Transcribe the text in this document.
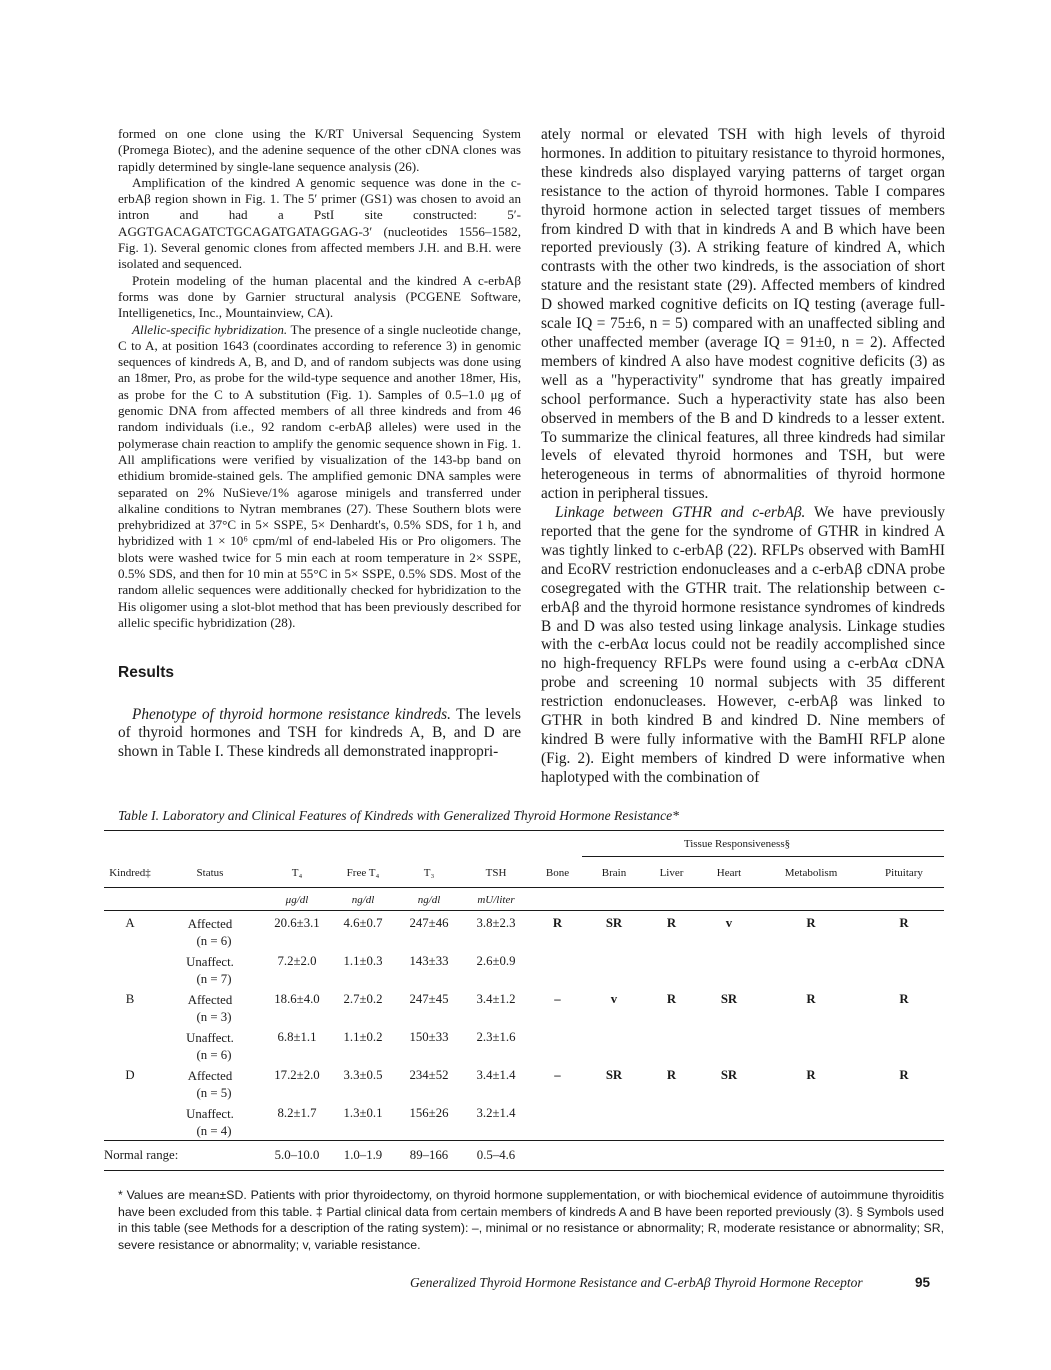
formed on one clone using the K/RT Universal Sequencing System (Promega Biotec), and the adenine sequence of the other cDNA clones was rapidly determined by single-lane sequence analysis (26).

Amplification of the kindred A genomic sequence was done in the c-erbAβ region shown in Fig. 1. The 5′ primer (GS1) was chosen to avoid an intron and had a PstI site constructed: 5′-AGGTGACAGATCTGCAGATGATAGGAG-3′ (nucleotides 1556–1582, Fig. 1). Several genomic clones from affected members J.H. and B.H. were isolated and sequenced.

Protein modeling of the human placental and the kindred A c-erbAβ forms was done by Garnier structural analysis (PCGENE Software, Intelligenetics, Inc., Mountainview, CA).

Allelic-specific hybridization. The presence of a single nucleotide change, C to A, at position 1643 (coordinates according to reference 3) in genomic sequences of kindreds A, B, and D, and of random subjects was done using an 18mer, Pro, as probe for the wild-type sequence and another 18mer, His, as probe for the C to A substitution (Fig. 1). Samples of 0.5–1.0 μg of genomic DNA from affected members of all three kindreds and from 46 random individuals (i.e., 92 random c-erbAβ alleles) were used in the polymerase chain reaction to amplify the genomic sequence shown in Fig. 1. All amplifications were verified by visualization of the 143-bp band on ethidium bromide-stained gels. The amplified gemonic DNA samples were separated on 2% NuSieve/1% agarose minigels and transferred under alkaline conditions to Nytran membranes (27). These Southern blots were prehybridized at 37°C in 5× SSPE, 5× Denhardt's, 0.5% SDS, for 1 h, and hybridized with 1 × 10⁶ cpm/ml of end-labeled His or Pro oligomers. The blots were washed twice for 5 min each at room temperature in 2× SSPE, 0.5% SDS, and then for 10 min at 55°C in 5× SSPE, 0.5% SDS. Most of the random allelic sequences were additionally checked for hybridization to the His oligomer using a slot-blot method that has been previously described for allelic specific hybridization (28).

Results

Phenotype of thyroid hormone resistance kindreds. The levels of thyroid hormones and TSH for kindreds A, B, and D are shown in Table I. These kindreds all demonstrated inappropri-

ately normal or elevated TSH with high levels of thyroid hormones. In addition to pituitary resistance to thyroid hormones, these kindreds also displayed varying patterns of target organ resistance to the action of thyroid hormones. Table I compares thyroid hormone action in selected target tissues of members from kindred D with that in kindreds A and B which have been reported previously (3). A striking feature of kindred A, which contrasts with the other two kindreds, is the association of short stature and the resistant state (29). Affected members of kindred D showed marked cognitive deficits on IQ testing (average full-scale IQ = 75±6, n = 5) compared with an unaffected sibling and other unaffected member (average IQ = 91±0, n = 2). Affected members of kindred A also have modest cognitive deficits (3) as well as a "hyperactivity" syndrome that has greatly impaired school performance. Such a hyperactivity state has also been observed in members of the B and D kindreds to a lesser extent. To summarize the clinical features, all three kindreds had similar levels of elevated thyroid hormones and TSH, but were heterogeneous in terms of abnormalities of thyroid hormone action in peripheral tissues.

Linkage between GTHR and c-erbAβ. We have previously reported that the gene for the syndrome of GTHR in kindred A was tightly linked to c-erbAβ (22). RFLPs observed with BamHI and EcoRV restriction endonucleases and a c-erbAβ cDNA probe cosegregated with the GTHR trait. The relationship between c-erbAβ and the thyroid hormone resistance syndromes of kindreds B and D was also tested using linkage analysis. Linkage studies with the c-erbAα locus could not be readily accomplished since no high-frequency RFLPs were found using a c-erbAα cDNA probe and screening 10 normal subjects with 35 different restriction endonucleases. However, c-erbAβ was linked to GTHR in both kindred B and kindred D. Nine members of kindred B were fully informative with the BamHI RFLP alone (Fig. 2). Eight members of kindred D were informative when haplotyped with the combination of

Table I. Laboratory and Clinical Features of Kindreds with Generalized Thyroid Hormone Resistance*
						Tissue Responsiveness§					
Kindred‡	Status	T₄	Free T₄	T₃	TSH	Bone	Brain	Liver	Heart	Metabolism	Pituitary
		μg/dl	ng/dl	ng/dl	mU/liter						
A	Affected
(n = 6)	20.6±3.1	4.6±0.7	247±46	3.8±2.3	R	SR	R	v	R	R

	Unaffect.
(n = 7)	7.2±2.0	1.1±0.3	143±33	2.6±0.9						
B	Affected
(n = 3)	18.6±4.0	2.7±0.2	247±45	3.4±1.2	–	v	R	SR	R	R

	Unaffect.
(n = 6)	6.8±1.1	1.1±0.2	150±33	2.3±1.6						
D	Affected
(n = 5)	17.2±2.0	3.3±0.5	234±52	3.4±1.4	–	SR	R	SR	R	R

	Unaffect.
(n = 4)	8.2±1.7	1.3±0.1	156±26	3.2±1.4						
Normal range:		5.0–10.0	1.0–1.9	89–166	0.5–4.6						
* Values are mean±SD. Patients with prior thyroidectomy, on thyroid hormone supplementation, or with biochemical evidence of autoimmune thyroiditis have been excluded from this table. ‡ Partial clinical data from certain members of kindreds A and B have been reported previously (3). § Symbols used in this table (see Methods for a description of the rating system): –, minimal or no resistance or abnormality; R, moderate resistance or abnormality; SR, severe resistance or abnormality; v, variable resistance.
Generalized Thyroid Hormone Resistance and C-erbAβ Thyroid Hormone Receptor	95
